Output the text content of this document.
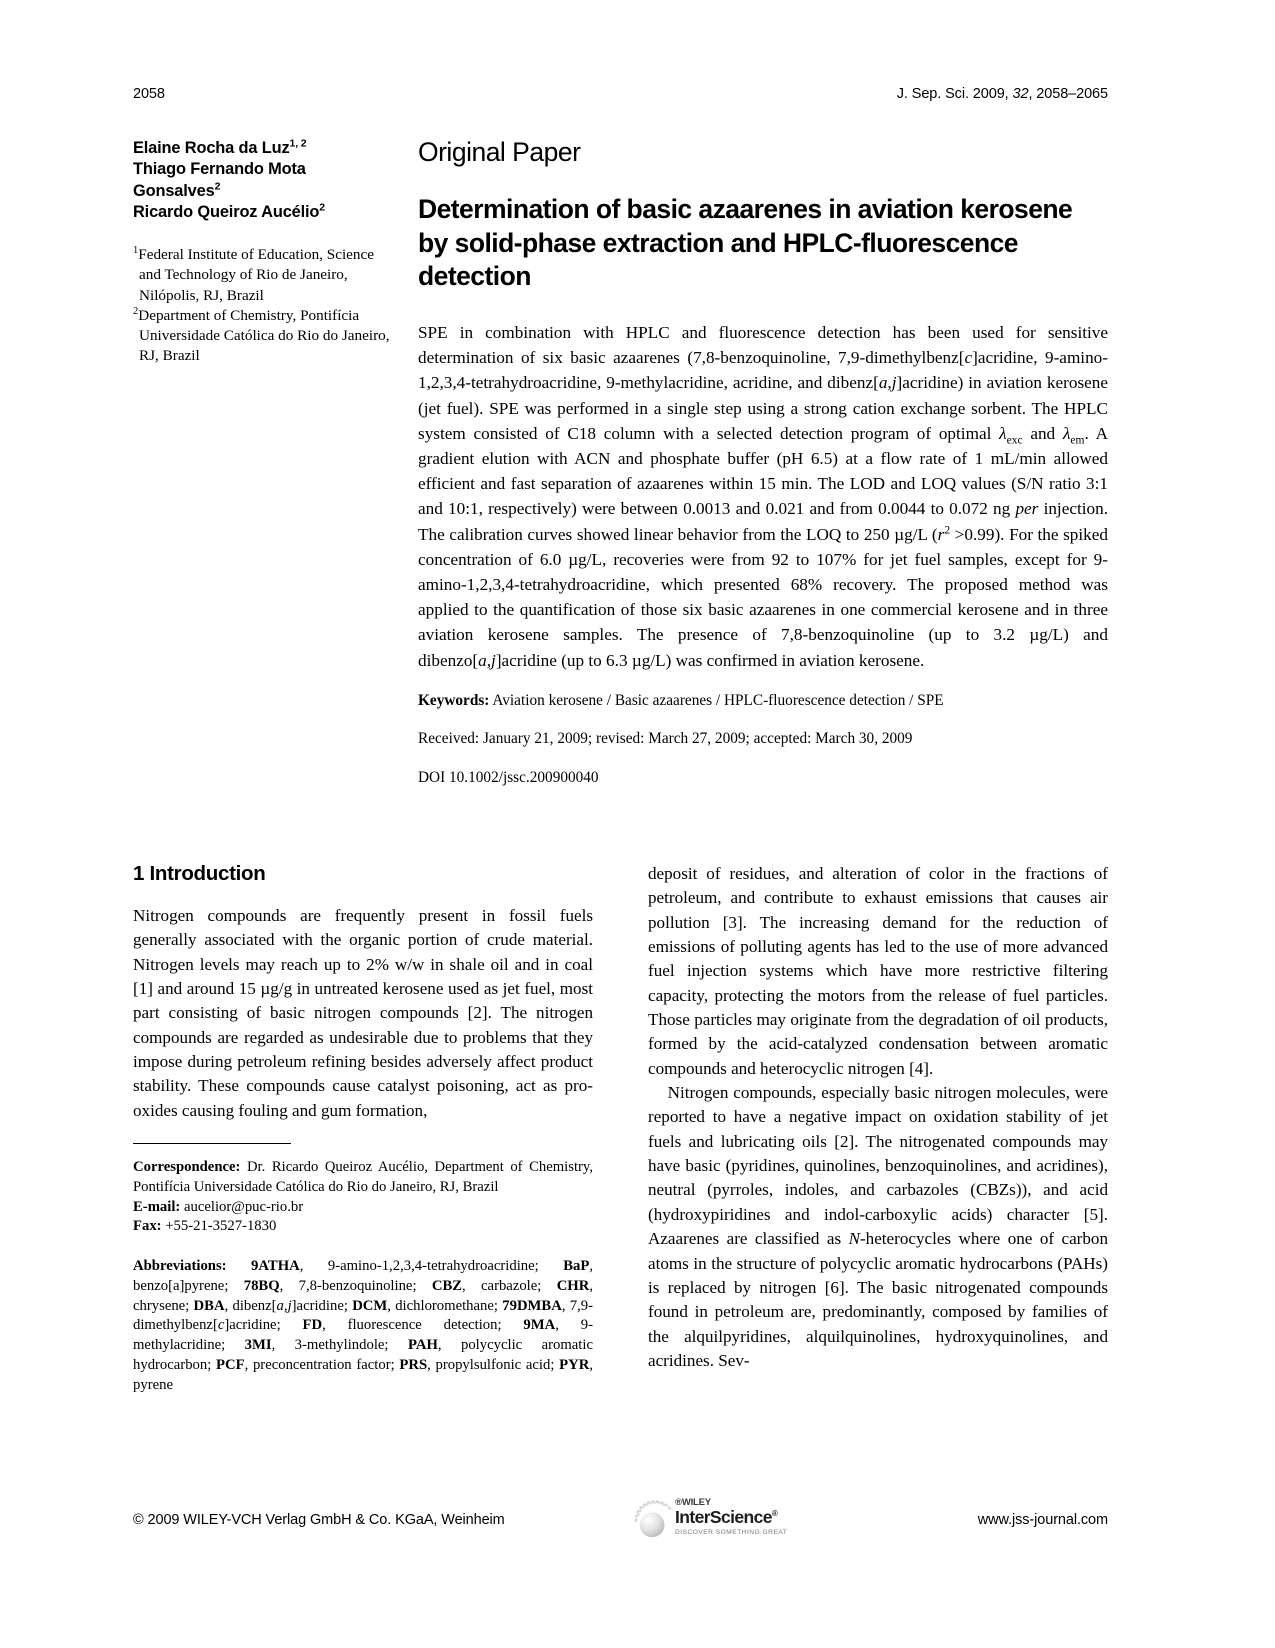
2058	J. Sep. Sci. 2009, 32, 2058–2065
Elaine Rocha da Luz$^{1, 2}$
Thiago Fernando Mota
Gonsalves$^2$
Ricardo Queiroz Aucélio$^2$
$^1$Federal Institute of Education, Science and Technology of Rio de Janeiro, Nilópolis, RJ, Brazil
$^2$Department of Chemistry, Pontifícia Universidade Católica do Rio do Janeiro, RJ, Brazil
Original Paper
Determination of basic azaarenes in aviation kerosene by solid-phase extraction and HPLC-fluorescence detection
SPE in combination with HPLC and fluorescence detection has been used for sensitive determination of six basic azaarenes (7,8-benzoquinoline, 7,9-dimethylbenz[c]acridine, 9-amino-1,2,3,4-tetrahydroacridine, 9-methylacridine, acridine, and dibenz[a,j]acridine) in aviation kerosene (jet fuel). SPE was performed in a single step using a strong cation exchange sorbent. The HPLC system consisted of C18 column with a selected detection program of optimal $\lambda_{exc}$ and $\lambda_{em}$. A gradient elution with ACN and phosphate buffer (pH 6.5) at a flow rate of 1 mL/min allowed efficient and fast separation of azaarenes within 15 min. The LOD and LOQ values (S/N ratio 3:1 and 10:1, respectively) were between 0.0013 and 0.021 and from 0.0044 to 0.072 ng per injection. The calibration curves showed linear behavior from the LOQ to 250 µg/L $(r^2 >0.99)$. For the spiked concentration of 6.0 µg/L, recoveries were from 92 to 107% for jet fuel samples, except for 9-amino-1,2,3,4-tetrahydroacridine, which presented 68% recovery. The proposed method was applied to the quantification of those six basic azaarenes in one commercial kerosene and in three aviation kerosene samples. The presence of 7,8-benzoquinoline (up to 3.2 µg/L) and dibenzo[a,j]acridine (up to 6.3 µg/L) was confirmed in aviation kerosene.
Keywords: Aviation kerosene / Basic azaarenes / HPLC-fluorescence detection / SPE
Received: January 21, 2009; revised: March 27, 2009; accepted: March 30, 2009
DOI 10.1002/jssc.200900040
1 Introduction

Nitrogen compounds are frequently present in fossil fuels generally associated with the organic portion of crude material. Nitrogen levels may reach up to 2% w/w in shale oil and in coal [1] and around 15 µg/g in untreated kerosene used as jet fuel, most part consisting of basic nitrogen compounds [2]. The nitrogen compounds are regarded as undesirable due to problems that they impose during petroleum refining besides adversely affect product stability. These compounds cause catalyst poisoning, act as pro-oxides causing fouling and gum formation,

Correspondence: Dr. Ricardo Queiroz Aucélio, Department of Chemistry, Pontifícia Universidade Católica do Rio do Janeiro, RJ, Brazil

E-mail: aucelior@puc-rio.br

Fax: +55-21-3527-1830

Abbreviations: 9ATHA, 9-amino-1,2,3,4-tetrahydroacridine; BaP, benzo[a]pyrene; 78BQ, 7,8-benzoquinoline; CBZ, carbazole; CHR, chrysene; DBA, dibenz[a,j]acridine; DCM, dichloromethane; 79DMBA, 7,9-dimethylbenz[c]acridine; FD, fluorescence detection; 9MA, 9-methylacridine; 3MI, 3-methylindole; PAH, polycyclic aromatic hydrocarbon; PCF, preconcentration factor; PRS, propylsulfonic acid; PYR, pyrene

deposit of residues, and alteration of color in the fractions of petroleum, and contribute to exhaust emissions that causes air pollution [3]. The increasing demand for the reduction of emissions of polluting agents has led to the use of more advanced fuel injection systems which have more restrictive filtering capacity, protecting the motors from the release of fuel particles. Those particles may originate from the degradation of oil products, formed by the acid-catalyzed condensation between aromatic compounds and heterocyclic nitrogen [4].

Nitrogen compounds, especially basic nitrogen molecules, were reported to have a negative impact on oxidation stability of jet fuels and lubricating oils [2]. The nitrogenated compounds may have basic (pyridines, quinolines, benzoquinolines, and acridines), neutral (pyrroles, indoles, and carbazoles (CBZs)), and acid (hydroxypiridines and indol-carboxylic acids) character [5]. Azaarenes are classified as N-heterocycles where one of carbon atoms in the structure of polycyclic aromatic hydrocarbons (PAHs) is replaced by nitrogen [6]. The basic nitrogenated compounds found in petroleum are, predominantly, composed by families of the alquilpyridines, alquilquinolines, hydroxyquinolines, and acridines. Sev-

© 2009 WILEY-VCH Verlag GmbH & Co. KGaA, Weinheim
®WILEY
InterScience®
DISCOVER SOMETHING GREAT
www.jss-journal.com
